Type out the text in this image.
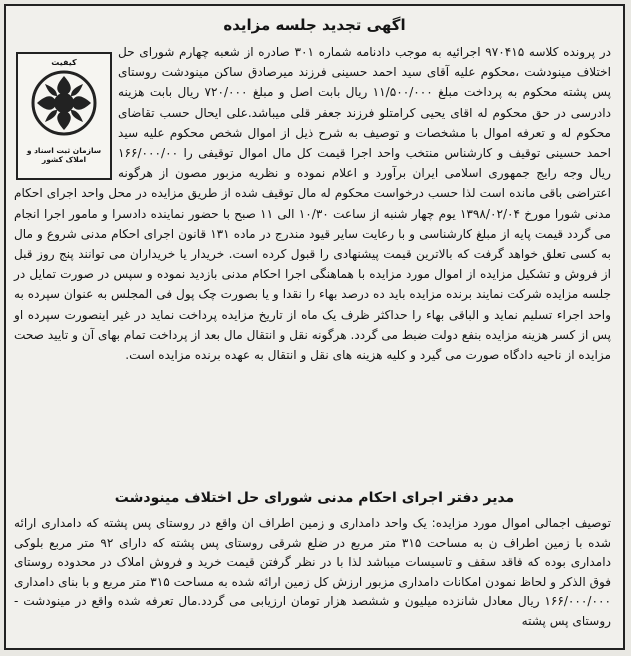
اگهی تجدید جلسه مزایده
کیفیت
سازمان ثبت اسناد و املاک کشور
در پرونده کلاسه ۹۷۰۴۱۵ اجرائیه به موجب دادنامه شماره ۳۰۱ صادره از شعبه چهارم شورای حل اختلاف مینودشت ،محکوم علیه آقای سید احمد حسینی فرزند میرصادق ساکن مینودشت روستای پس پشته محکوم به پرداخت مبلغ ۱۱/۵۰۰/۰۰۰ ریال بابت اصل و مبلغ ۷۲۰/۰۰۰ ریال بابت هزینه دادرسی در حق محکوم له اقای یحیی کرامتلو فرزند جعفر قلی میباشد.علی ایحال حسب تقاضای محکوم له و تعرفه اموال با مشخصات و توصیف به شرح ذیل از اموال شخص محکوم علیه سید احمد حسینی توقیف و کارشناس منتخب واحد اجرا قیمت کل مال اموال توقیفی را ۱۶۶/۰۰۰/۰۰ ریال وجه رایج جمهوری اسلامی ایران برآورد و اعلام نموده و نظریه مزبور مصون از هرگونه اعتراضی باقی مانده است لذا حسب درخواست محکوم له مال توقیف شده از طریق مزایده در محل واحد اجرای احکام مدنی شورا مورخ ۱۳۹۸/۰۲/۰۴ یوم چهار شنبه از ساعت ۱۰/۳۰ الی ۱۱ صبح با حضور نماینده دادسرا و مامور اجرا انجام می گردد قیمت پایه از مبلغ کارشناسی و با رعایت سایر قیود مندرج در ماده ۱۳۱ قانون اجرای احکام مدنی شروع و مال به کسی تعلق خواهد گرفت که بالاترین قیمت پیشنهادی را قبول کرده است. خریدار یا خریداران می توانند پنج روز قبل از فروش و تشکیل مزایده از اموال مورد مزایده با هماهنگی اجرا احکام مدنی بازدید نموده و سپس در صورت تمایل در جلسه مزایده شرکت نمایند برنده مزایده باید ده درصد بهاء را نقدا و یا بصورت چک پول فی المجلس به عنوان سپرده به واحد اجراء تسلیم نماید و الباقی بهاء را حداکثر ظرف یک ماه از تاریخ مزایده پرداخت نماید در غیر اینصورت سپرده او پس از کسر هزینه مزایده بنفع دولت ضبط می گردد. هرگونه نقل و انتقال مال بعد از پرداخت تمام بهای آن و تایید صحت مزایده از ناحیه دادگاه صورت می گیرد و کلیه هزینه های نقل و انتقال به عهده برنده مزایده است.
مدیر دفتر اجرای احکام مدنی شورای حل اختلاف مینودشت
توصیف اجمالی اموال مورد مزایده: یک واحد دامداری و زمین اطراف ان واقع در روستای پس پشته که دامداری ارائه شده با زمین اطراف ن به مساحت ۳۱۵ متر مربع در ضلع شرقی روستای پس پشته که دارای ۹۲ متر مربع بلوکی دامداری بوده که فاقد سقف و تاسیسات میباشد لذا با در نظر گرفتن قیمت خرید و فروش املاک در محدوده روستای فوق الذکر و لحاظ نمودن امکانات دامداری مزبور ارزش کل زمین ارائه شده به مساحت ۳۱۵ متر مربع و با بنای دامداری ۱۶۶/۰۰۰/۰۰۰ ریال معادل شانزده میلیون و ششصد هزار تومان ارزیابی می گردد.مال تعرفه شده واقع در مینودشت - روستای پس پشته
